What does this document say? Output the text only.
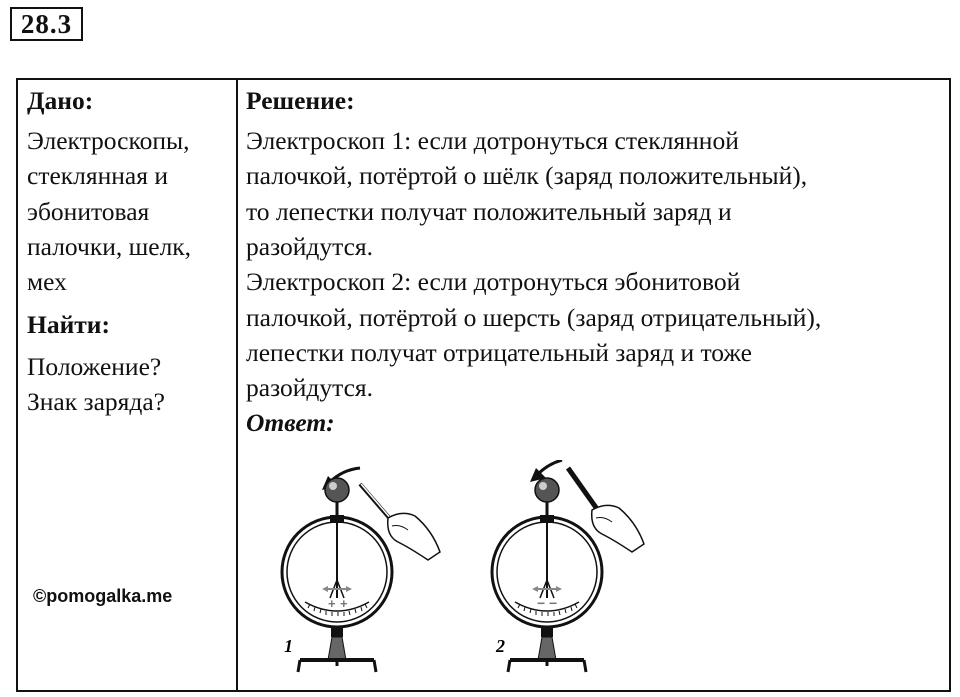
28.3
Дано:
Электроскопы,
стеклянная и
эбонитовая
палочки, шелк,
мех
Найти:
Положение?
Знак заряда?
©pomogalka.me
Решение:
Электроскоп 1: если дотронуться стеклянной
палочкой, потёртой о шёлк (заряд положительный),
то лепестки получат положительный заряд и
разойдутся.
Электроскоп 2: если дотронуться эбонитовой
палочкой, потёртой о шерсть (заряд отрицательный),
лепестки получат отрицательный заряд и тоже
разойдутся.
Ответ:
+ +
1
− −
2
